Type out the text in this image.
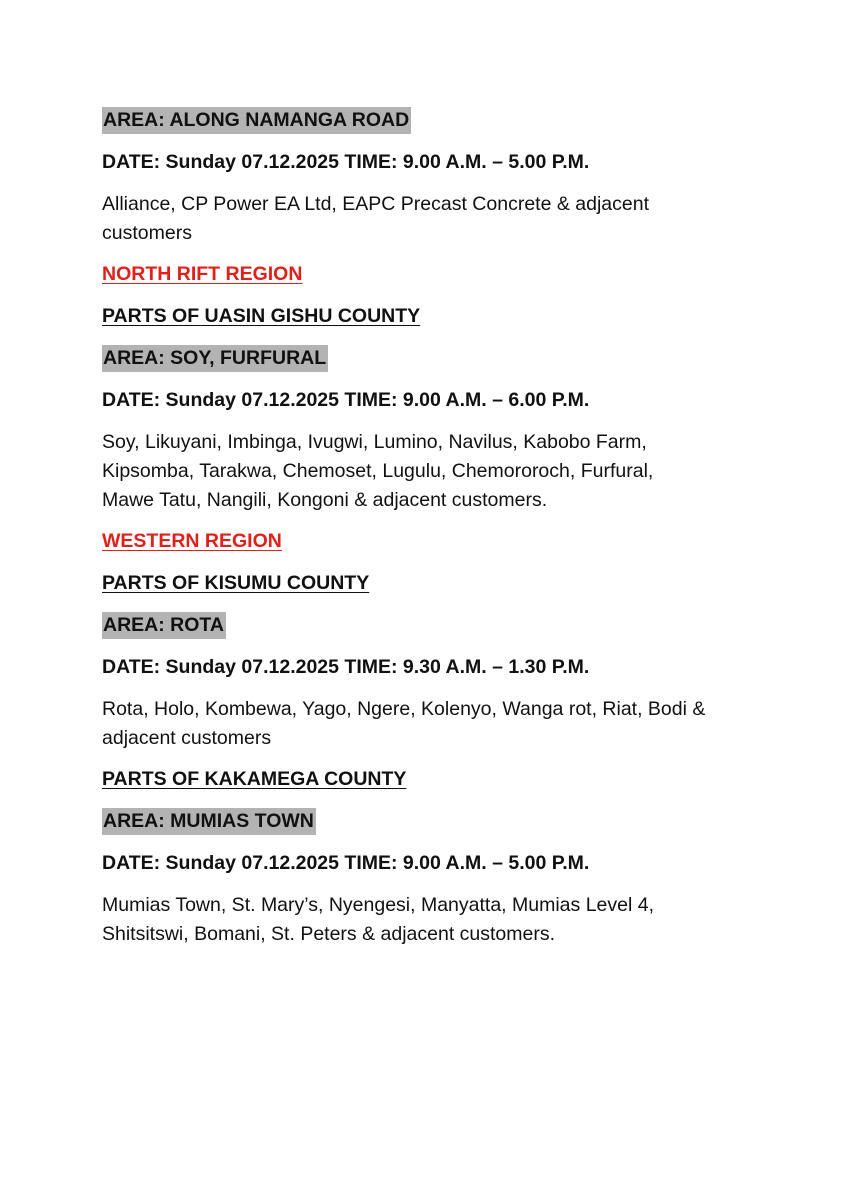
AREA: ALONG NAMANGA ROAD

DATE: Sunday 07.12.2025 TIME: 9.00 A.M. – 5.00 P.M.

Alliance, CP Power EA Ltd, EAPC Precast Concrete & adjacent

customers

NORTH RIFT REGION

PARTS OF UASIN GISHU COUNTY

AREA: SOY, FURFURAL

DATE: Sunday 07.12.2025 TIME: 9.00 A.M. – 6.00 P.M.

Soy, Likuyani, Imbinga, Ivugwi, Lumino, Navilus, Kabobo Farm,

Kipsomba, Tarakwa, Chemoset, Lugulu, Chemororoch, Furfural,

Mawe Tatu, Nangili, Kongoni & adjacent customers.

WESTERN REGION

PARTS OF KISUMU COUNTY

AREA: ROTA

DATE: Sunday 07.12.2025 TIME: 9.30 A.M. – 1.30 P.M.

Rota, Holo, Kombewa, Yago, Ngere, Kolenyo, Wanga rot, Riat, Bodi &

adjacent customers

PARTS OF KAKAMEGA COUNTY

AREA: MUMIAS TOWN

DATE: Sunday 07.12.2025 TIME: 9.00 A.M. – 5.00 P.M.

Mumias Town, St. Mary’s, Nyengesi, Manyatta, Mumias Level 4,

Shitsitswi, Bomani, St. Peters & adjacent customers.
